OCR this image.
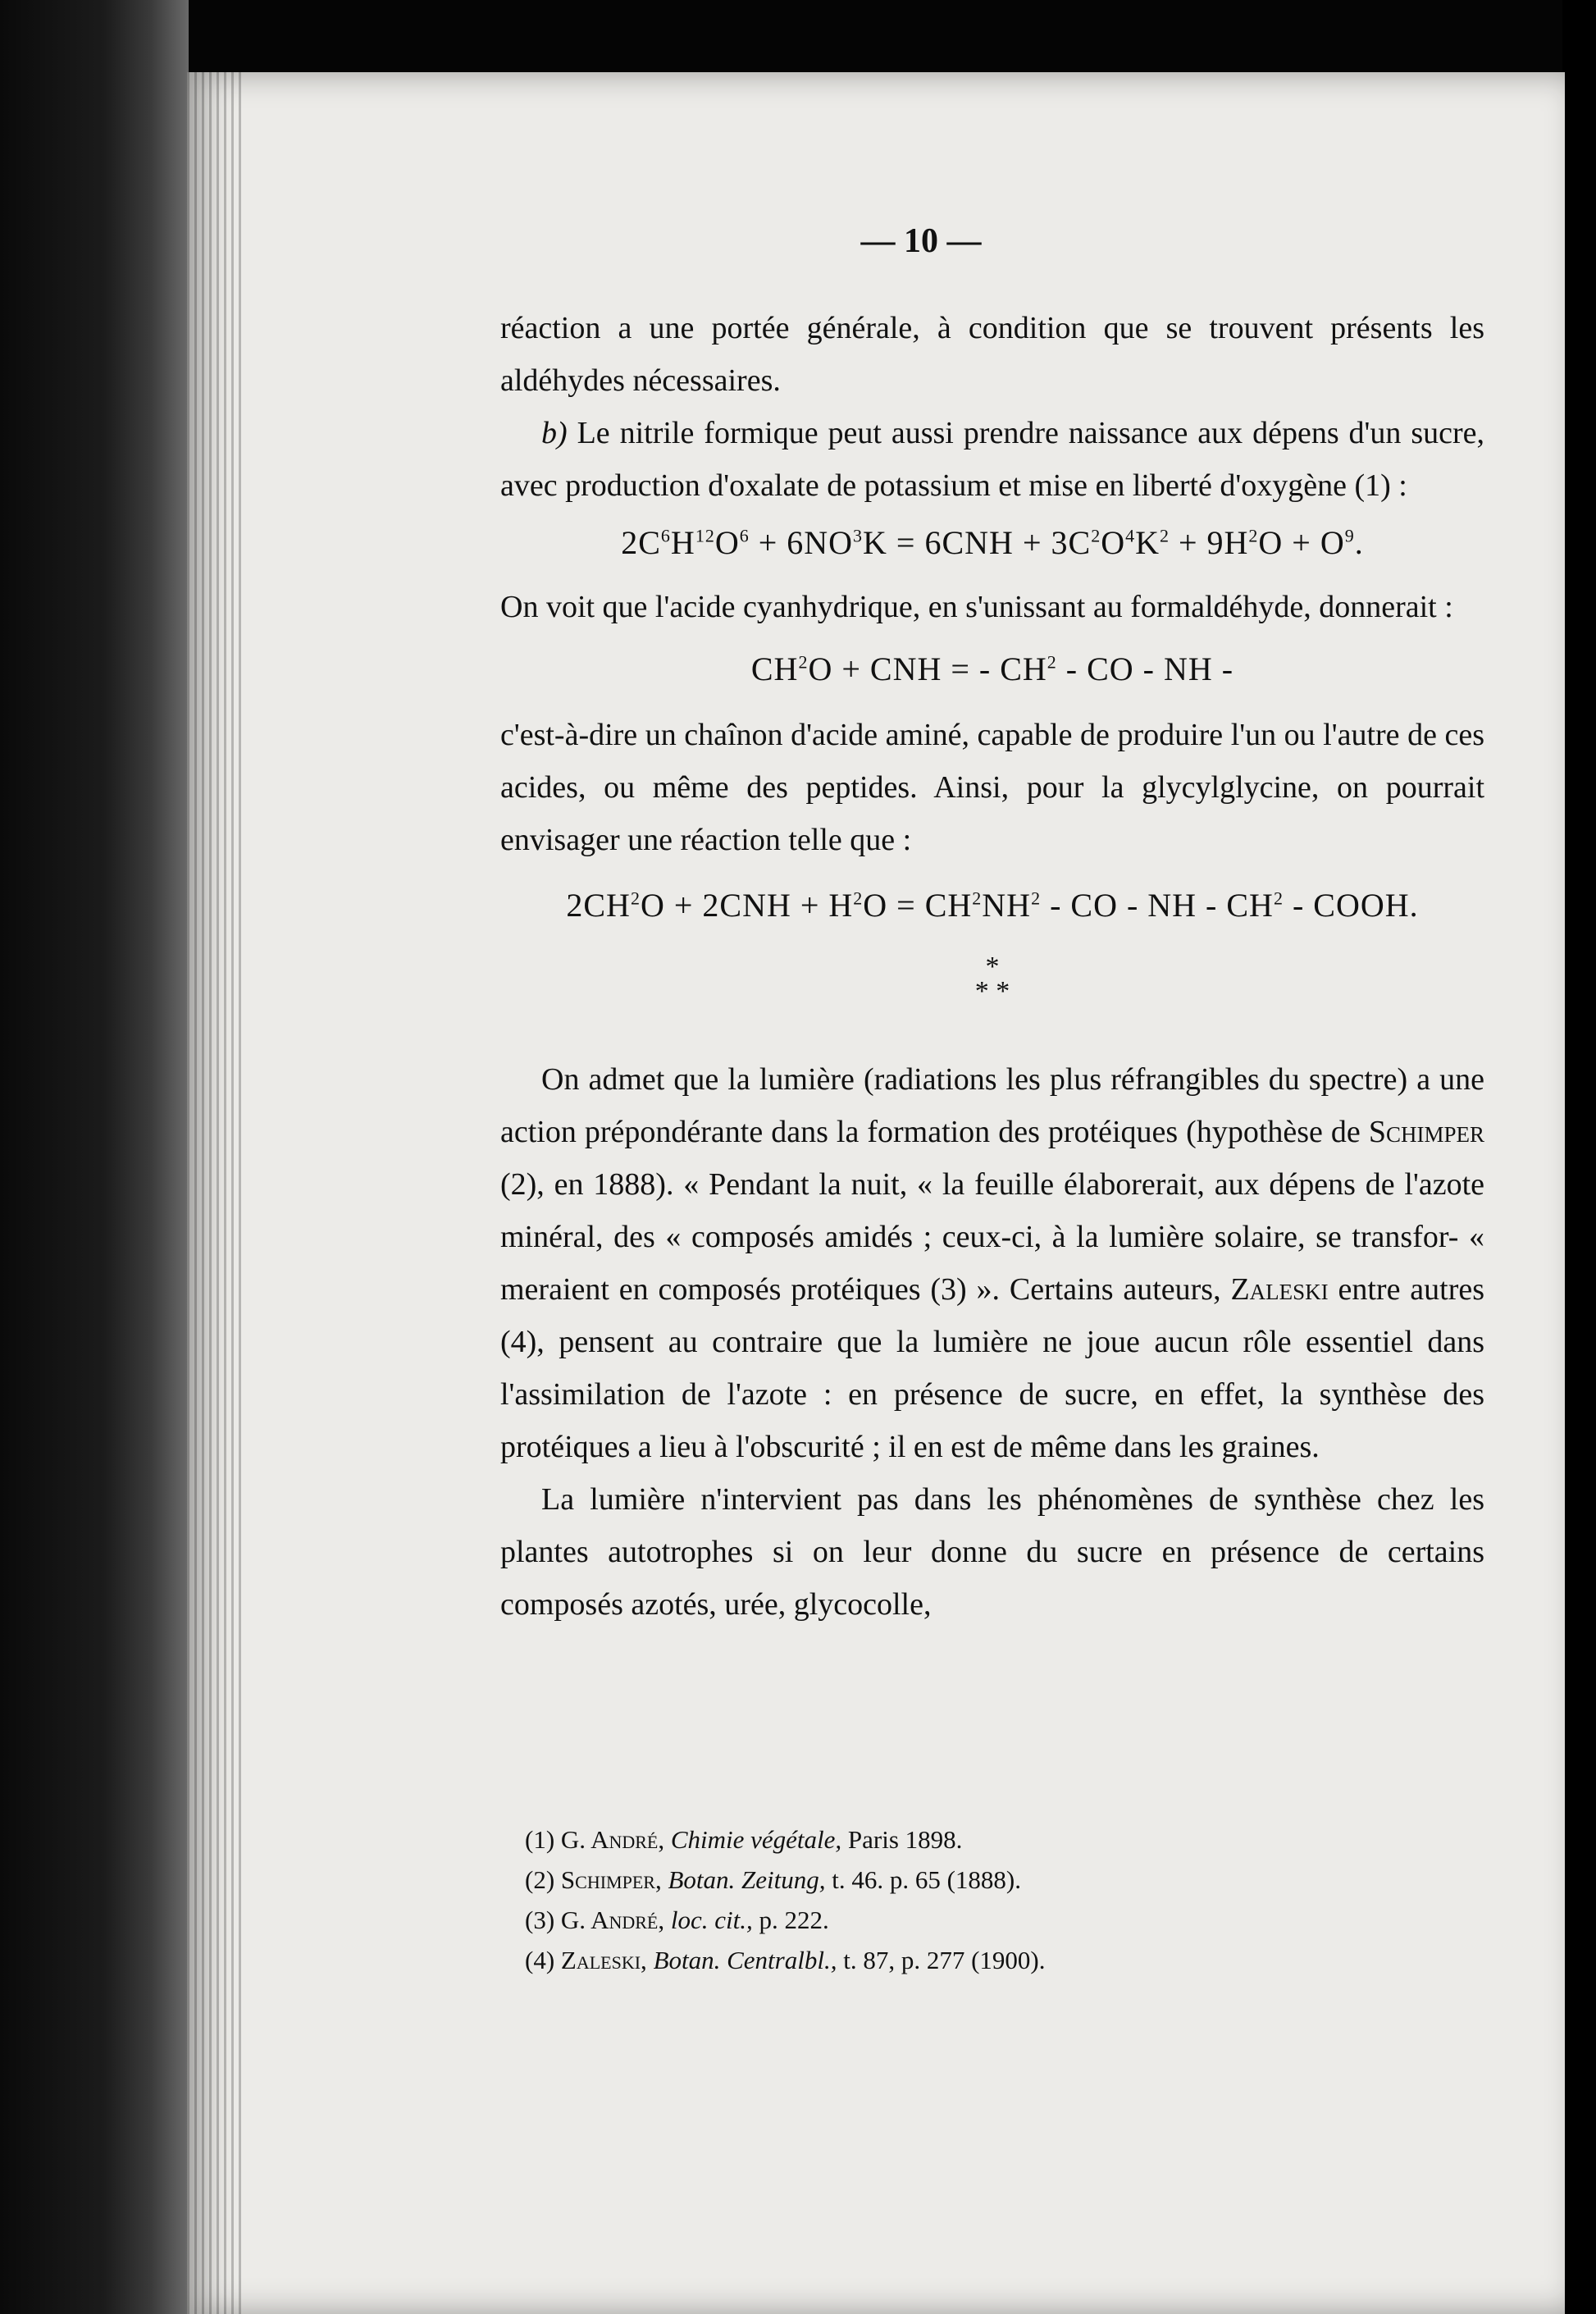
— 10 —

réaction a une portée générale, à condition que se trouvent présents les aldéhydes nécessaires.

b) Le nitrile formique peut aussi prendre naissance aux dépens d'un sucre, avec production d'oxalate de potassium et mise en liberté d'oxygène (1) :

$2C^6H^{12}O^6 + 6NO^3K = 6CNH + 3C^2O^4K^2 + 9H^2O + O^9$.

On voit que l'acide cyanhydrique, en s'unissant au formaldéhyde, donnerait :

$CH^2O$ + CNH = - $CH^2$ - CO - NH -

c'est-à-dire un chaînon d'acide aminé, capable de produire l'un ou l'autre de ces acides, ou même des peptides. Ainsi, pour la glycylglycine, on pourrait envisager une réaction telle que :

$2CH^2O + 2CNH + H^2O = CH^2NH^2$ - CO - NH - $CH^2$ - COOH.
*
* *

On admet que la lumière (radiations les plus réfrangibles du spectre) a une action prépondérante dans la formation des protéiques (hypothèse de Schimper (2), en 1888). « Pendant la nuit, « la feuille élaborerait, aux dépens de l'azote minéral, des « composés amidés ; ceux-ci, à la lumière solaire, se transfor- « meraient en composés protéiques (3) ». Certains auteurs, Zaleski entre autres (4), pensent au contraire que la lumière ne joue aucun rôle essentiel dans l'assimilation de l'azote : en présence de sucre, en effet, la synthèse des protéiques a lieu à l'obscurité ; il en est de même dans les graines.

La lumière n'intervient pas dans les phénomènes de synthèse chez les plantes autotrophes si on leur donne du sucre en présence de certains composés azotés, urée, glycocolle,

(1) G. André, Chimie végétale, Paris 1898.
(2) Schimper, Botan. Zeitung, t. 46. p. 65 (1888).
(3) G. André, loc. cit., p. 222.
(4) Zaleski, Botan. Centralbl., t. 87, p. 277 (1900).
